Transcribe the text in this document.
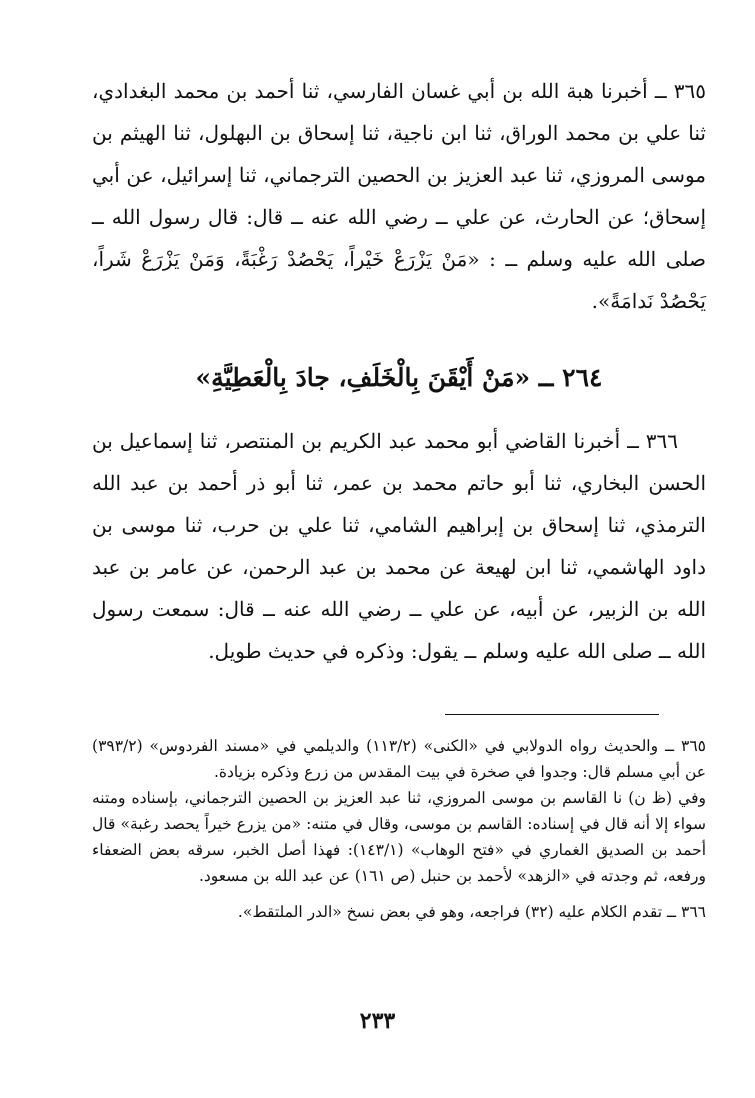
٣٦٥ ــ أخبرنا هبة الله بن أبي غسان الفارسي، ثنا أحمد بن محمد البغدادي، ثنا علي بن محمد الوراق، ثنا ابن ناجية، ثنا إسحاق بن البهلول، ثنا الهيثم بن موسى المروزي، ثنا عبد العزيز بن الحصين الترجماني، ثنا إسرائيل، عن أبي إسحاق؛ عن الحارث، عن علي ــ رضي الله عنه ــ قال: قال رسول الله ــ صلى الله عليه وسلم ــ : «مَنْ يَزْرَعْ خَيْراً، يَحْصُدْ رَغْبَةً، وَمَنْ يَزْرَعْ شَراً، يَحْصُدْ نَدامَةً».

٢٦٤ ــ «مَنْ أَيْقَنَ بِالْخَلَفِ، جادَ بِالْعَطِيَّةِ»

٣٦٦ ــ أخبرنا القاضي أبو محمد عبد الكريم بن المنتصر، ثنا إسماعيل بن الحسن البخاري، ثنا أبو حاتم محمد بن عمر، ثنا أبو ذر أحمد بن عبد الله الترمذي، ثنا إسحاق بن إبراهيم الشامي، ثنا علي بن حرب، ثنا موسى بن داود الهاشمي، ثنا ابن لهيعة عن محمد بن عبد الرحمن، عن عامر بن عبد الله بن الزبير، عن أبيه، عن علي ــ رضي الله عنه ــ قال: سمعت رسول الله ــ صلى الله عليه وسلم ــ يقول: وذكره في حديث طويل.

٣٦٥ ــ والحديث رواه الدولابي في «الكنى» (١١٣/٢) والديلمي في «مسند الفردوس» (٣٩٣/٢) عن أبي مسلم قال: وجدوا في صخرة في بيت المقدس من زرع وذكره بزيادة.

وفي (ظ ن) نا القاسم بن موسى المروزي، ثنا عبد العزيز بن الحصين الترجماني، بإسناده ومتنه سواء إلا أنه قال في إسناده: القاسم بن موسى، وقال في متنه: «من يزرع خيراً يحصد رغبة» قال أحمد بن الصديق الغماري في «فتح الوهاب» (١٤٣/١): فهذا أصل الخبر، سرقه بعض الضعفاء ورفعه، ثم وجدته في «الزهد» لأحمد بن حنبل (ص ١٦١) عن عبد الله بن مسعود.

٣٦٦ ــ تقدم الكلام عليه (٣٢) فراجعه، وهو في بعض نسخ «الدر الملتقط».

٢٣٣
